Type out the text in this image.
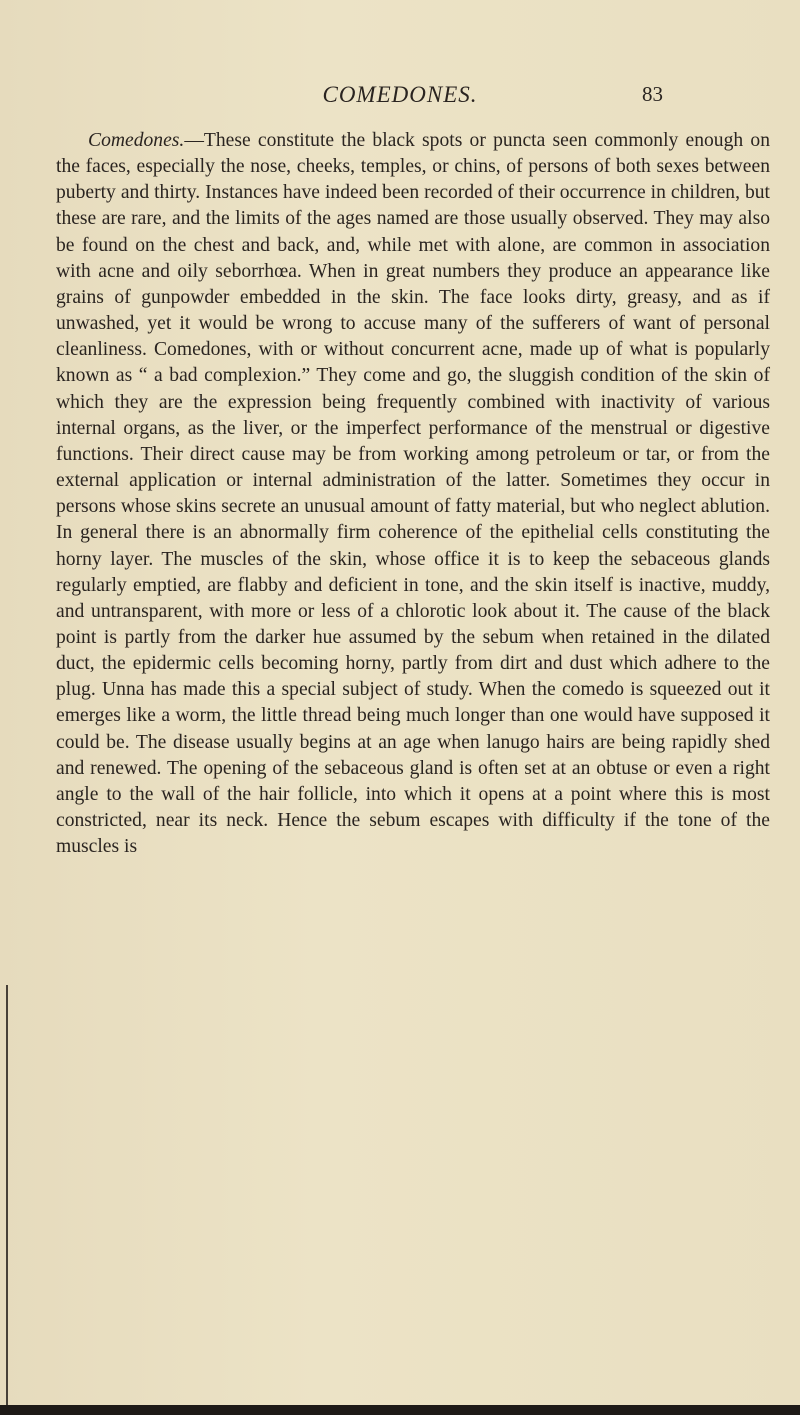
COMEDONES.	83

Comedones.—These constitute the black spots or puncta seen commonly enough on the faces, especially the nose, cheeks, temples, or chins, of persons of both sexes between puberty and thirty. Instances have indeed been recorded of their occurrence in children, but these are rare, and the limits of the ages named are those usually observed. They may also be found on the chest and back, and, while met with alone, are common in association with acne and oily seborrhœa. When in great numbers they produce an appearance like grains of gunpowder embedded in the skin. The face looks dirty, greasy, and as if unwashed, yet it would be wrong to accuse many of the sufferers of want of personal cleanliness. Comedones, with or without concurrent acne, made up of what is popularly known as “ a bad complexion.” They come and go, the sluggish condition of the skin of which they are the expression being frequently combined with inactivity of various internal organs, as the liver, or the imperfect performance of the menstrual or digestive functions. Their direct cause may be from working among petroleum or tar, or from the external application or internal administration of the latter. Sometimes they occur in persons whose skins secrete an unusual amount of fatty material, but who neglect ablution. In general there is an abnormally firm coherence of the epithelial cells constituting the horny layer. The muscles of the skin, whose office it is to keep the sebaceous glands regularly emptied, are flabby and deficient in tone, and the skin itself is inactive, muddy, and untransparent, with more or less of a chlorotic look about it. The cause of the black point is partly from the darker hue assumed by the sebum when retained in the dilated duct, the epidermic cells becoming horny, partly from dirt and dust which adhere to the plug. Unna has made this a special subject of study. When the comedo is squeezed out it emerges like a worm, the little thread being much longer than one would have supposed it could be. The disease usually begins at an age when lanugo hairs are being rapidly shed and renewed. The opening of the sebaceous gland is often set at an obtuse or even a right angle to the wall of the hair follicle, into which it opens at a point where this is most constricted, near its neck. Hence the sebum escapes with difficulty if the tone of the muscles is
